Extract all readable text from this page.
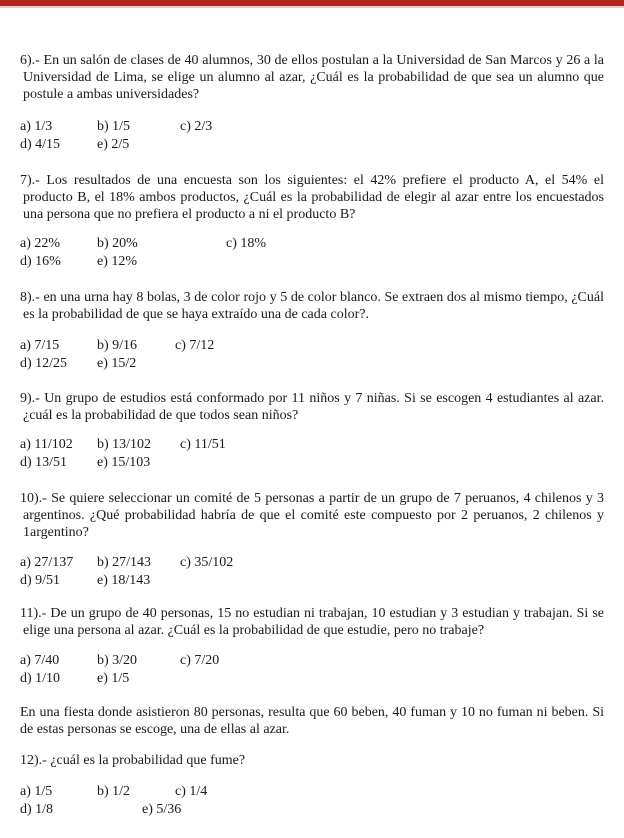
6).- En un salón de clases de 40 alumnos, 30 de ellos postulan a la Universidad de San Marcos y 26 a la Universidad de Lima, se elige un alumno al azar, ¿Cuál es la probabilidad de que sea un alumno que postule a ambas universidades?

a) 1/3	b) 1/5	c) 2/3
d) 4/15	e) 2/5

7).- Los resultados de una encuesta son los siguientes: el 42% prefiere el producto A, el 54% el producto B, el 18% ambos productos, ¿Cuál es la probabilidad de elegir al azar entre los encuestados una persona que no prefiera el producto a ni el producto B?

a) 22%	b) 20%	c) 18%
d) 16%	e) 12%

8).- en una urna hay 8 bolas, 3 de color rojo y 5 de color blanco. Se extraen dos al mismo tiempo, ¿Cuál es la probabilidad de que se haya extraído una de cada color?.

a) 7/15	b) 9/16	c) 7/12
d) 12/25 e) 15/2

9).- Un grupo de estudios está conformado por 11 niños y 7 niñas. Si se escogen 4 estudiantes al azar. ¿cuál es la probabilidad de que todos sean niños?

a) 11/102 b) 13/102 c) 11/51
d) 13/51 e) 15/103

10).- Se quiere seleccionar un comité de 5 personas a partir de un grupo de 7 peruanos, 4 chilenos y 3 argentinos. ¿Qué probabilidad habría de que el comité este compuesto por 2 peruanos, 2 chilenos y 1argentino?

a) 27/137 b) 27/143 c) 35/102
d) 9/51	e) 18/143

11).- De un grupo de 40 personas, 15 no estudian ni trabajan, 10 estudian y 3 estudian y trabajan. Si se elige una persona al azar. ¿Cuál es la probabilidad de que estudie, pero no trabaje?

a) 7/40	b) 3/20	c) 7/20
d) 1/10	e) 1/5

En una fiesta donde asistieron 80 personas, resulta que 60 beben, 40 fuman y 10 no fuman ni beben. Si de estas personas se escoge, una de ellas al azar.

12).- ¿cuál es la probabilidad que fume?

a) 1/5	b) 1/2	c) 1/4
d) 1/8	e) 5/36
